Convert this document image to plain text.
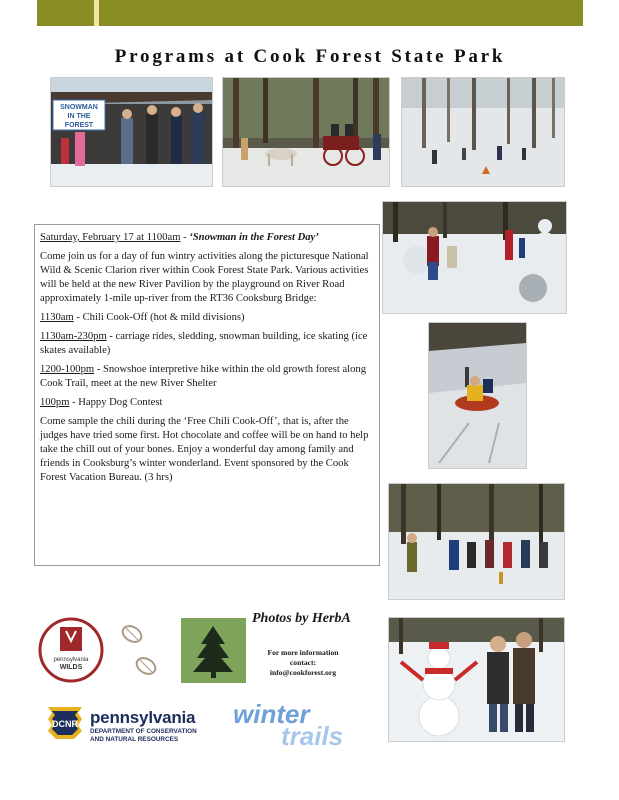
Programs at Cook Forest State Park
SNOWMAN
IN THE
FOREST

Saturday, February 17 at 1100am - ‘Snowman in the Forest Day’

Come join us for a day of fun wintry activities along the picturesque National Wild & Scenic Clarion river within Cook Forest State Park. Various activities will be held at the new River Pavilion by the playground on River Road approximately 1-mile up-river from the RT36 Cooksburg Bridge:

1130am - Chili Cook-Off (hot & mild divisions)

1130am-230pm - carriage rides, sledding, snowman building, ice skating (ice skates available)

1200-100pm - Snowshoe interpretive hike within the old growth forest along Cook Trail, meet at the new River Shelter

100pm - Happy Dog Contest

Come sample the chili during the ‘Free Chili Cook-Off’, that is, after the judges have tried some first. Hot chocolate and coffee will be on hand to help take the chill out of your bones. Enjoy a wonderful day among family and friends in Cooksburg’s winter wonderland. Event sponsored by the Cook Forest Vacation Bureau. (3 hrs)

pennsylvania
WILDS
Photos by HerbA
For more information
contact:
info@cookforest.org
DCNR pennsylvania
DEPARTMENT OF CONSERVATION
AND NATURAL RESOURCES
winter
trails
